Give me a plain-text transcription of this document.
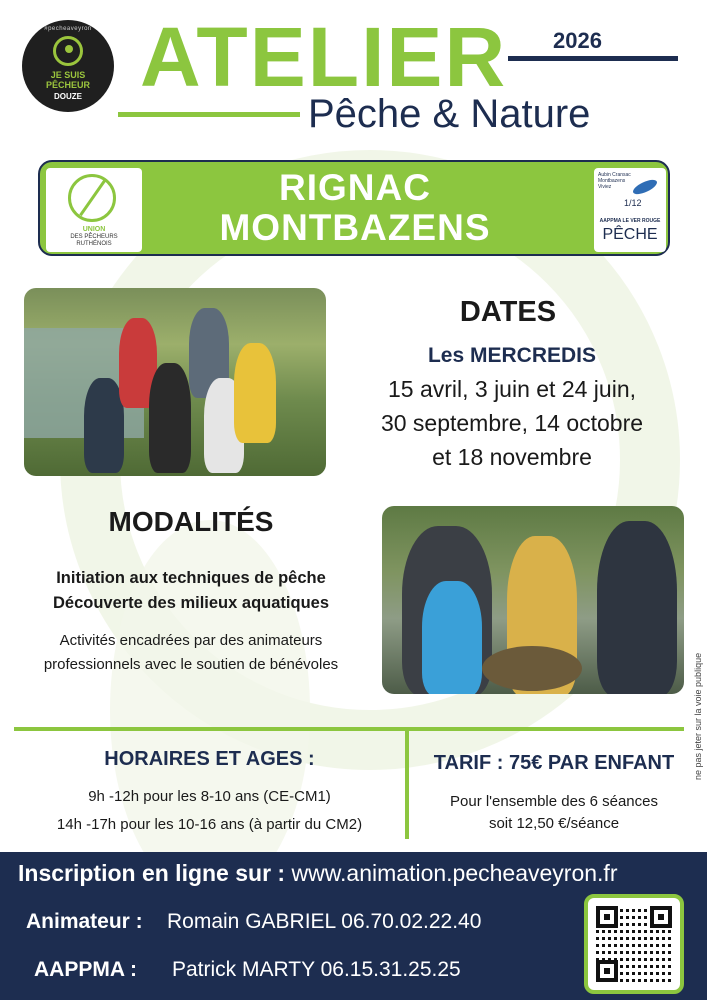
#pecheaveyron
JE SUIS
PÊCHEUR
DOUZE ATELIER 2026
Pêche & Nature
UNION
DES PÊCHEURS
RUTHÉNOIS
RIGNAC
MONTBAZENS
Aubin Cransac Montbazens Viviez
1/12
AAPPMA LE VER ROUGE
PÊCHE
DATES
Les MERCREDIS
15 avril, 3 juin et 24 juin,
30 septembre, 14 octobre
et 18 novembre
MODALITÉS
Initiation aux techniques de pêche
Découverte des milieux aquatiques
Activités encadrées par des animateurs
professionnels avec le soutien de bénévoles	ne pas jeter sur la voie publique
HORAIRES ET AGES :
9h -12h pour les 8-10 ans (CE-CM1)
14h -17h pour les 10-16 ans (à partir du CM2)
TARIF : 75€ PAR ENFANT
Pour l'ensemble des 6 séances
soit 12,50 €/séance
Inscription en ligne sur : www.animation.pecheaveyron.fr
Animateur : Romain GABRIEL 06.70.02.22.40
AAPPMA : Patrick MARTY 06.15.31.25.25
